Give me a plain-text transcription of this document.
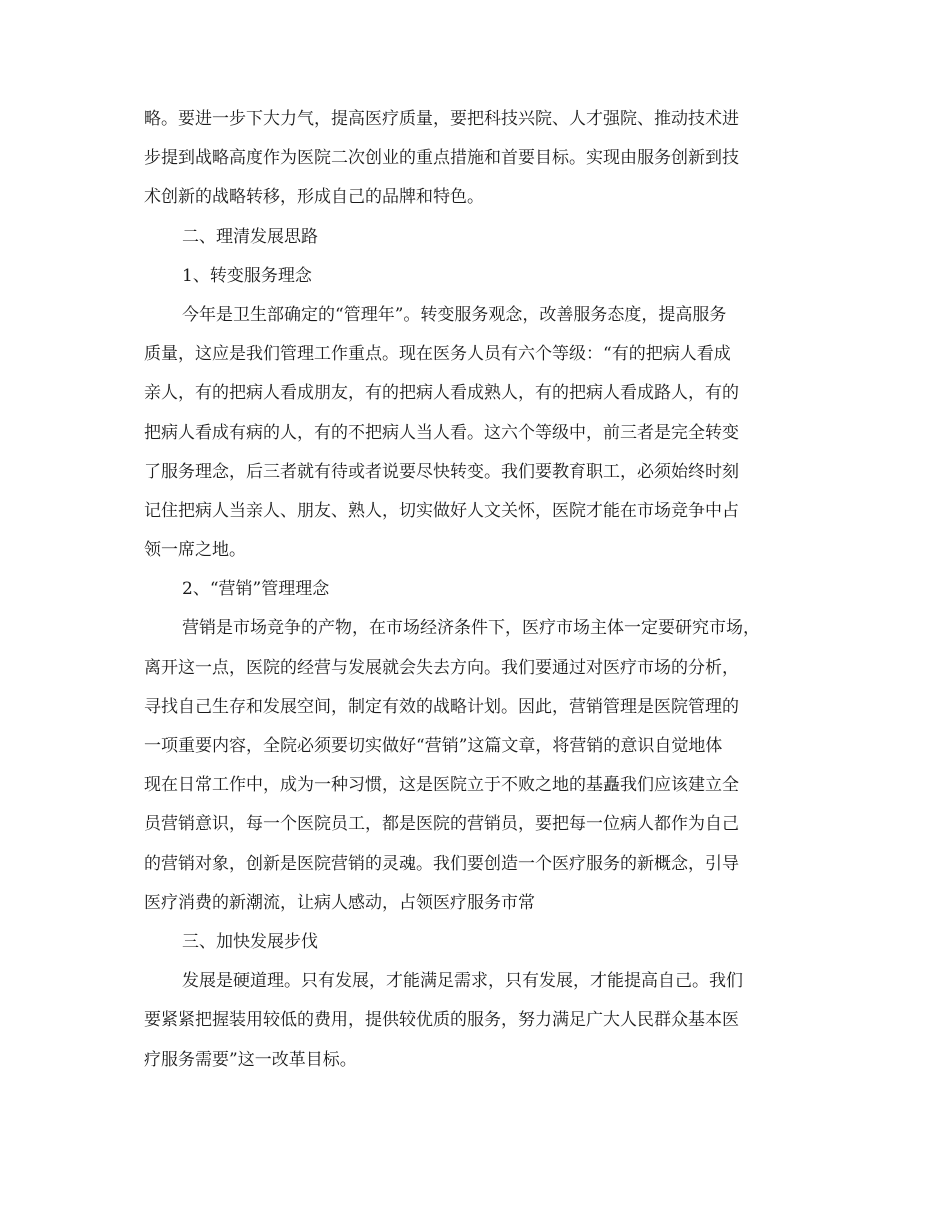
略。要进一步下大力气，提高医疗质量，要把科技兴院、人才强院、推动技术进
步提到战略高度作为医院二次创业的重点措施和首要目标。实现由服务创新到技
术创新的战略转移，形成自己的品牌和特色。
二、理清发展思路
1、转变服务理念
今年是卫生部确定的“管理年”。转变服务观念，改善服务态度，提高服务
质量，这应是我们管理工作重点。现在医务人员有六个等级：“有的把病人看成
亲人，有的把病人看成朋友，有的把病人看成熟人，有的把病人看成路人，有的
把病人看成有病的人，有的不把病人当人看。这六个等级中，前三者是完全转变
了服务理念，后三者就有待或者说要尽快转变。我们要教育职工，必须始终时刻
记住把病人当亲人、朋友、熟人，切实做好人文关怀，医院才能在市场竞争中占
领一席之地。
2、“营销”管理理念
营销是市场竞争的产物，在市场经济条件下，医疗市场主体一定要研究市场，
离开这一点，医院的经营与发展就会失去方向。我们要通过对医疗市场的分析，
寻找自己生存和发展空间，制定有效的战略计划。因此，营销管理是医院管理的
一项重要内容，全院必须要切实做好“营销”这篇文章，将营销的意识自觉地体
现在日常工作中，成为一种习惯，这是医院立于不败之地的基矗我们应该建立全
员营销意识，每一个医院员工，都是医院的营销员，要把每一位病人都作为自己
的营销对象，创新是医院营销的灵魂。我们要创造一个医疗服务的新概念，引导
医疗消费的新潮流，让病人感动，占领医疗服务市常
三、加快发展步伐
发展是硬道理。只有发展，才能满足需求，只有发展，才能提高自己。我们
要紧紧把握装用较低的费用，提供较优质的服务，努力满足广大人民群众基本医
疗服务需要”这一改革目标。
